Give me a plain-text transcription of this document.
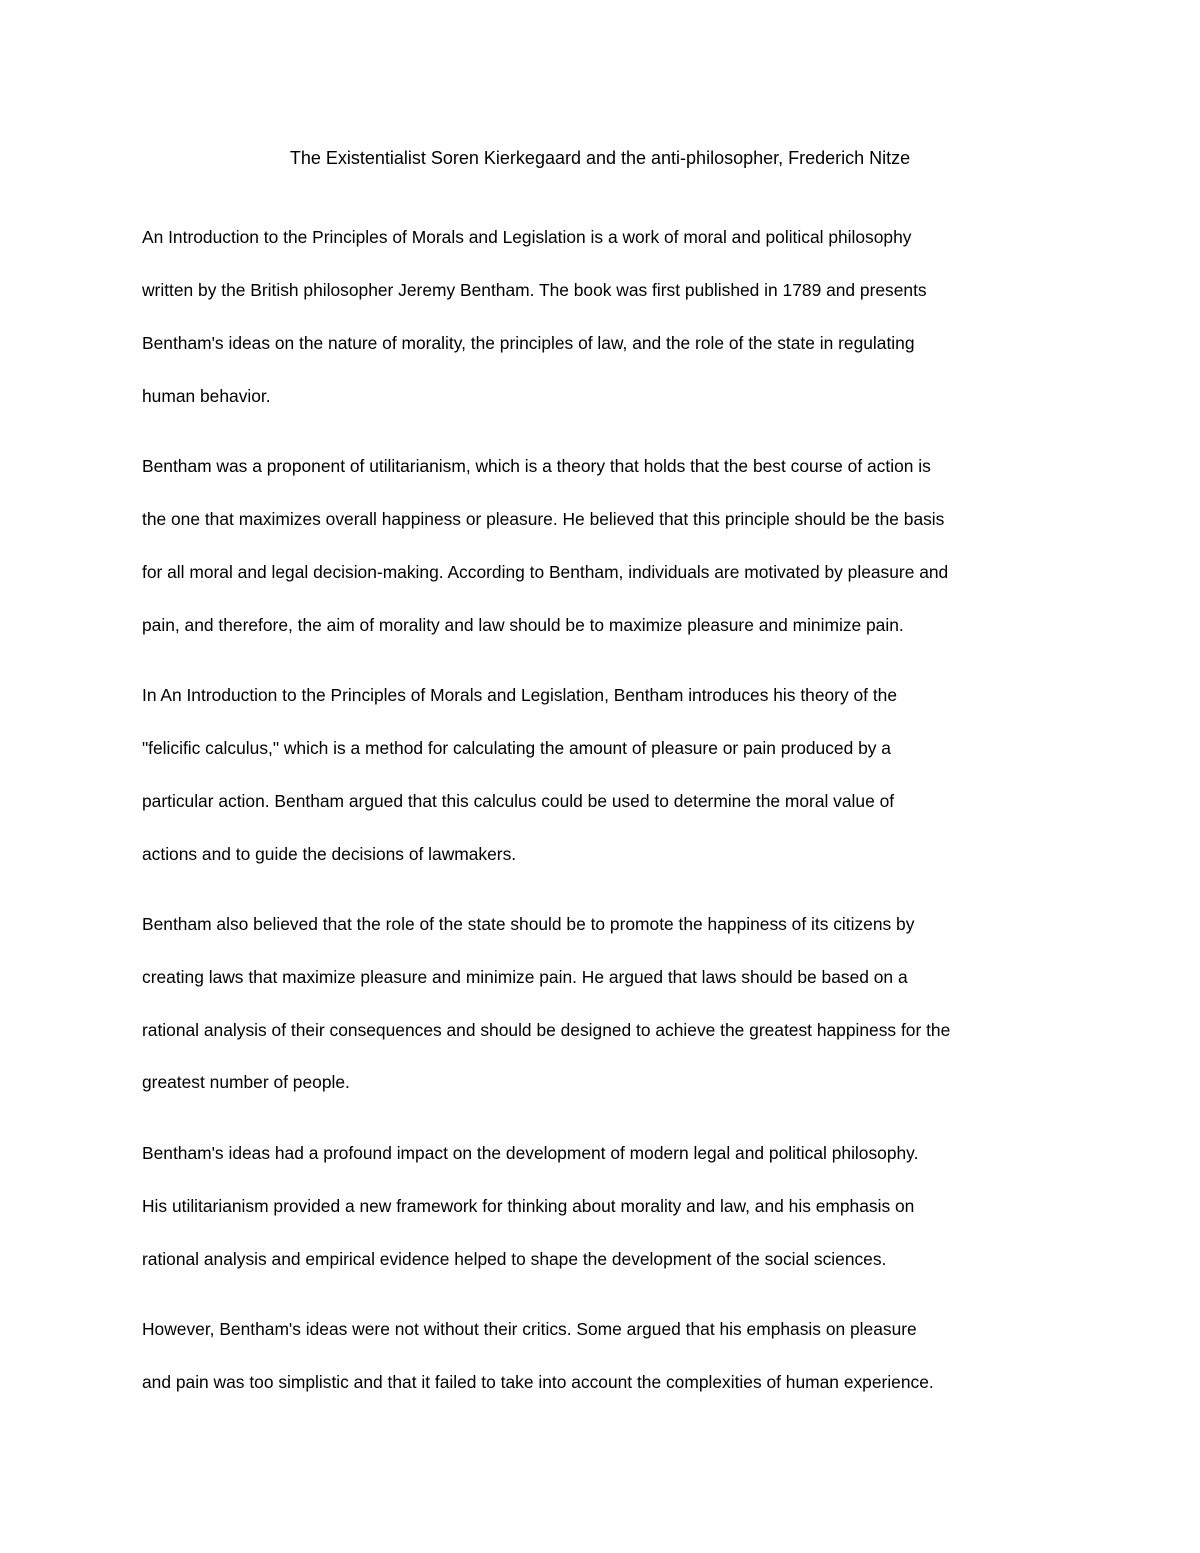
The Existentialist Soren Kierkegaard and the anti-philosopher, Frederich Nitze

An Introduction to the Principles of Morals and Legislation is a work of moral and political philosophy
written by the British philosopher Jeremy Bentham. The book was first published in 1789 and presents
Bentham's ideas on the nature of morality, the principles of law, and the role of the state in regulating
human behavior.

Bentham was a proponent of utilitarianism, which is a theory that holds that the best course of action is
the one that maximizes overall happiness or pleasure. He believed that this principle should be the basis
for all moral and legal decision-making. According to Bentham, individuals are motivated by pleasure and
pain, and therefore, the aim of morality and law should be to maximize pleasure and minimize pain.

In An Introduction to the Principles of Morals and Legislation, Bentham introduces his theory of the
"felicific calculus," which is a method for calculating the amount of pleasure or pain produced by a
particular action. Bentham argued that this calculus could be used to determine the moral value of
actions and to guide the decisions of lawmakers.

Bentham also believed that the role of the state should be to promote the happiness of its citizens by
creating laws that maximize pleasure and minimize pain. He argued that laws should be based on a
rational analysis of their consequences and should be designed to achieve the greatest happiness for the
greatest number of people.

Bentham's ideas had a profound impact on the development of modern legal and political philosophy.
His utilitarianism provided a new framework for thinking about morality and law, and his emphasis on
rational analysis and empirical evidence helped to shape the development of the social sciences.

However, Bentham's ideas were not without their critics. Some argued that his emphasis on pleasure
and pain was too simplistic and that it failed to take into account the complexities of human experience.
